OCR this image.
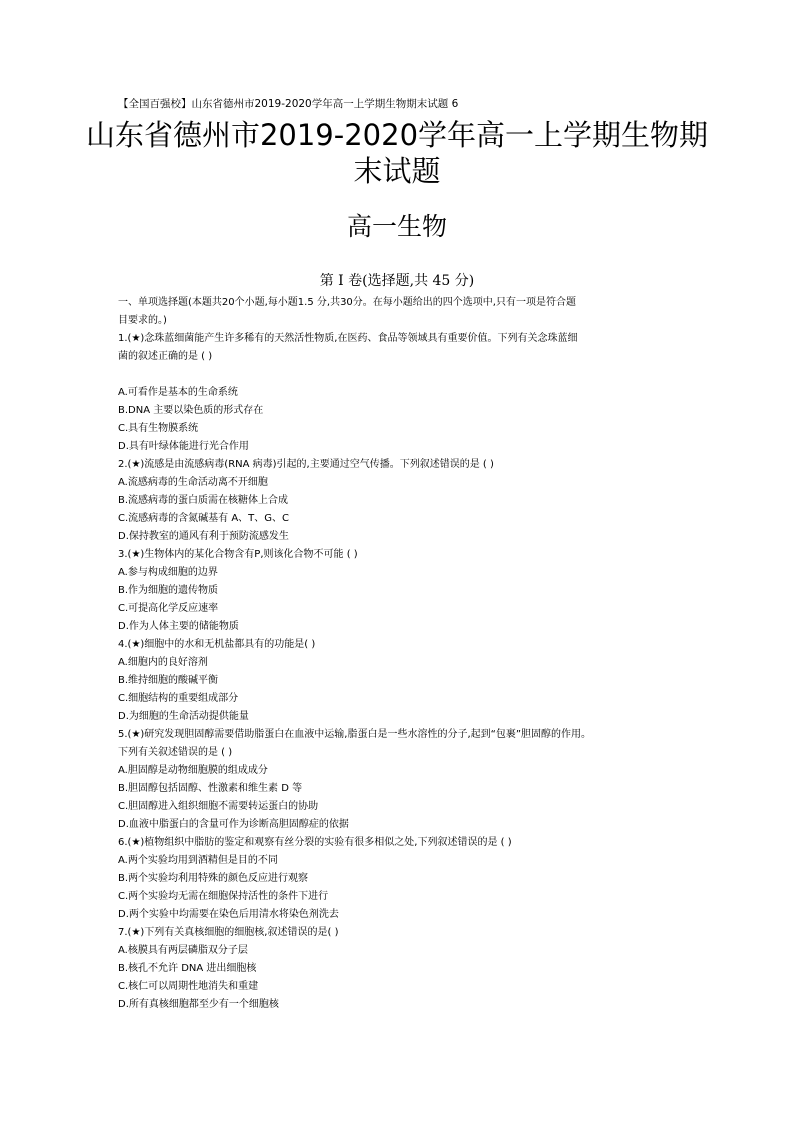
【全国百强校】山东省德州市2019-2020学年高一上学期生物期末试题 6
山东省德州市2019-2020学年高一上学期生物期
末试题
高一生物
第 I 卷(选择题,共 45 分)
一、单项选择题(本题共20个小题,每小题1.5 分,共30分。在每小题给出的四个选项中,只有一项是符合题
目要求的。)
1.(★)念珠蓝细菌能产生许多稀有的天然活性物质,在医药、食品等领域具有重要价值。下列有关念珠蓝细
菌的叙述正确的是 ( )
A.可看作是基本的生命系统
B.DNA 主要以染色质的形式存在
C.具有生物膜系统
D.具有叶绿体能进行光合作用
2.(★)流感是由流感病毒(RNA 病毒)引起的,主要通过空气传播。下列叙述错误的是 ( )
A.流感病毒的生命活动离不开细胞
B.流感病毒的蛋白质需在核糖体上合成
C.流感病毒的含氮碱基有 A、T、G、C
D.保持教室的通风有利于预防流感发生
3.(★)生物体内的某化合物含有P,则该化合物不可能 ( )
A.参与构成细胞的边界
B.作为细胞的遗传物质
C.可提高化学反应速率
D.作为人体主要的储能物质
4.(★)细胞中的水和无机盐都具有的功能是( )
A.细胞内的良好溶剂
B.维持细胞的酸碱平衡
C.细胞结构的重要组成部分
D.为细胞的生命活动提供能量
5.(★)研究发现胆固醇需要借助脂蛋白在血液中运输,脂蛋白是一些水溶性的分子,起到“包裹”胆固醇的作用。
下列有关叙述错误的是 ( )
A.胆固醇是动物细胞膜的组成成分
B.胆固醇包括固醇、性激素和维生素 D 等
C.胆固醇进入组织细胞不需要转运蛋白的协助
D.血液中脂蛋白的含量可作为诊断高胆固醇症的依据
6.(★)植物组织中脂肪的鉴定和观察有丝分裂的实验有很多相似之处,下列叙述错误的是 ( )
A.两个实验均用到酒精但是目的不同
B.两个实验均利用特殊的颜色反应进行观察
C.两个实验均无需在细胞保持活性的条件下进行
D.两个实验中均需要在染色后用清水将染色剂洗去
7.(★)下列有关真核细胞的细胞核,叙述错误的是( )
A.核膜具有两层磷脂双分子层
B.核孔不允许 DNA 进出细胞核
C.核仁可以周期性地消失和重建
D.所有真核细胞都至少有一个细胞核
